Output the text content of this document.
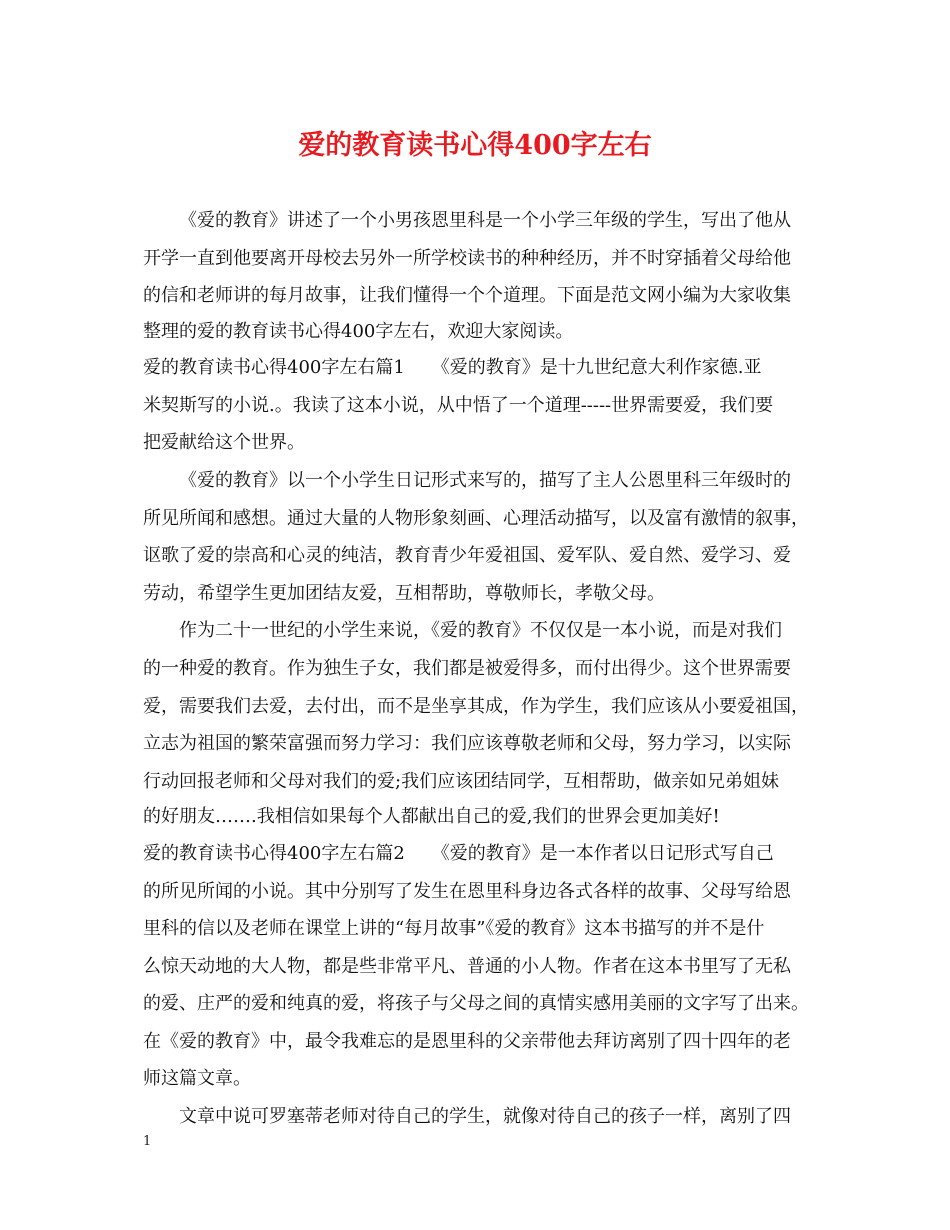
爱的教育读书心得400字左右
《爱的教育》讲述了一个小男孩恩里科是一个小学三年级的学生，写出了他从
开学一直到他要离开母校去另外一所学校读书的种种经历，并不时穿插着父母给他
的信和老师讲的每月故事，让我们懂得一个个道理。下面是范文网小编为大家收集
整理的爱的教育读书心得400字左右，欢迎大家阅读。
爱的教育读书心得400字左右篇1　　《爱的教育》是十九世纪意大利作家德.亚
米契斯写的小说.。我读了这本小说，从中悟了一个道理-----世界需要爱，我们要
把爱献给这个世界。
《爱的教育》以一个小学生日记形式来写的，描写了主人公恩里科三年级时的
所见所闻和感想。通过大量的人物形象刻画、心理活动描写，以及富有激情的叙事，
讴歌了爱的崇高和心灵的纯洁，教育青少年爱祖国、爱军队、爱自然、爱学习、爱
劳动，希望学生更加团结友爱，互相帮助，尊敬师长，孝敬父母。
作为二十一世纪的小学生来说，《爱的教育》不仅仅是一本小说，而是对我们
的一种爱的教育。作为独生子女，我们都是被爱得多，而付出得少。这个世界需要
爱，需要我们去爱，去付出，而不是坐享其成，作为学生，我们应该从小要爱祖国，
立志为祖国的繁荣富强而努力学习：我们应该尊敬老师和父母，努力学习，以实际
行动回报老师和父母对我们的爱;我们应该团结同学，互相帮助，做亲如兄弟姐妹
的好朋友…….我相信如果每个人都献出自己的爱,我们的世界会更加美好!
爱的教育读书心得400字左右篇2　　《爱的教育》是一本作者以日记形式写自己
的所见所闻的小说。其中分别写了发生在恩里科身边各式各样的故事、父母写给恩
里科的信以及老师在课堂上讲的“每月故事”《爱的教育》这本书描写的并不是什
么惊天动地的大人物，都是些非常平凡、普通的小人物。作者在这本书里写了无私
的爱、庄严的爱和纯真的爱，将孩子与父母之间的真情实感用美丽的文字写了出来。
在《爱的教育》中，最令我难忘的是恩里科的父亲带他去拜访离别了四十四年的老
师这篇文章。
文章中说可罗塞蒂老师对待自己的学生，就像对待自己的孩子一样，离别了四
1
